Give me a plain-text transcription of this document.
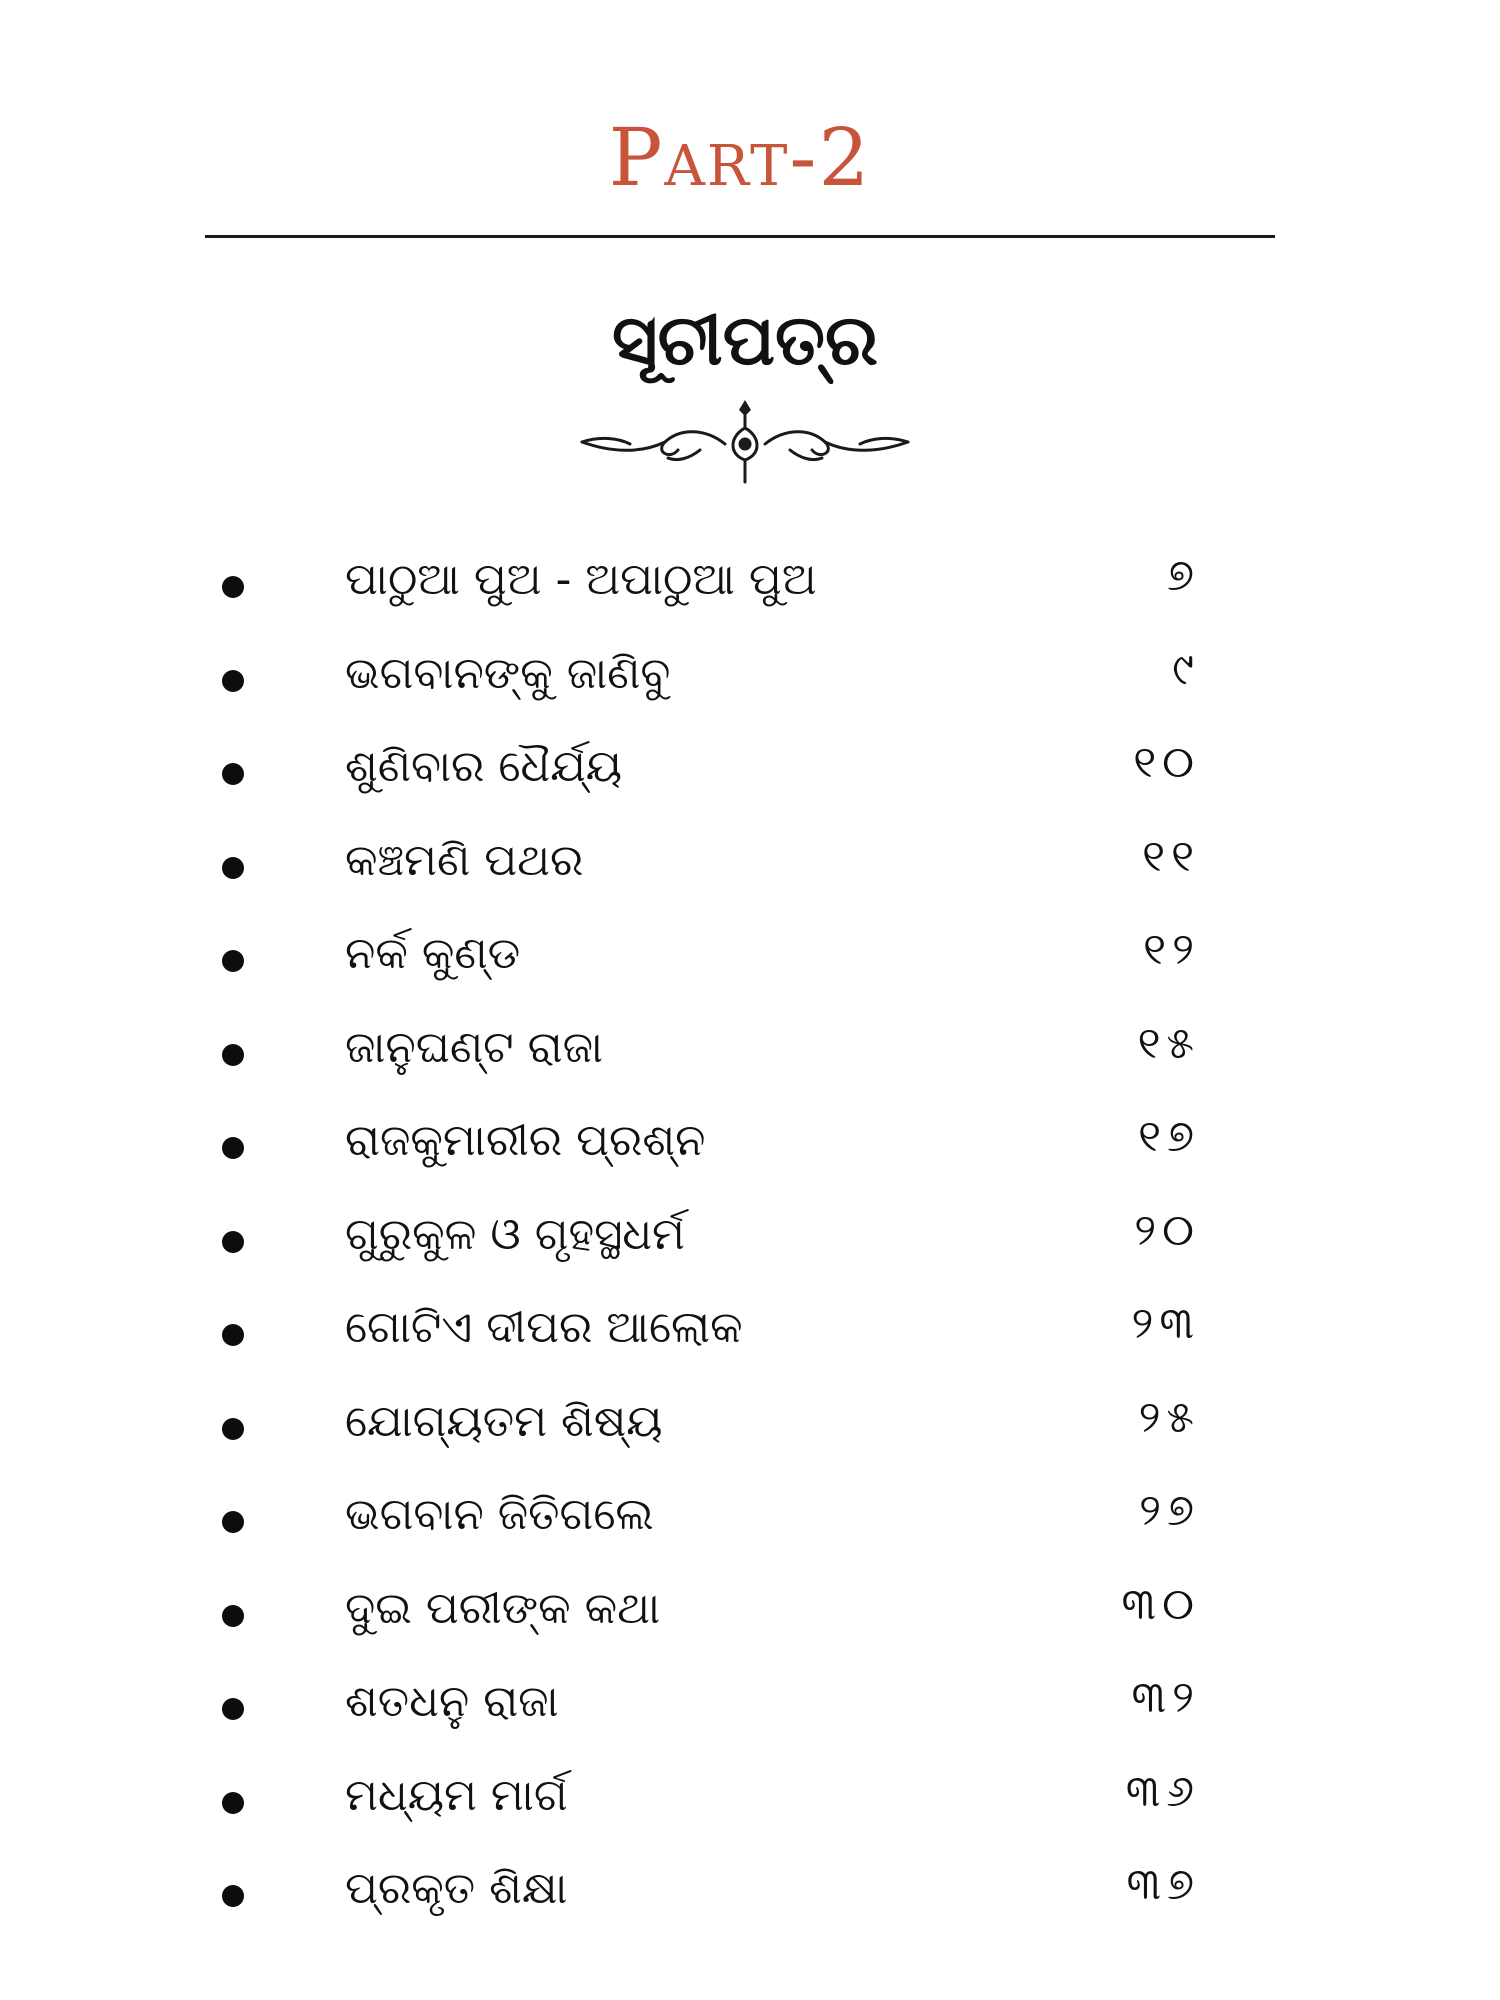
Part-2
ସୂଚୀପତ୍ର
ପାଠୁଆ ପୁଅ - ଅପାଠୁଆ ପୁଅ	୭
ଭଗବାନଙ୍କୁ ଜାଣିବୁ	୯
ଶୁଣିବାର ଧୈର୍ଯ୍ୟ	୧୦
କଞ୍ଚମଣି ପଥର	୧୧
ନର୍କ କୁଣ୍ଡ	୧୨
ଜାନୁଘଣ୍ଟ ରାଜା	୧୫
ରାଜକୁମାରୀର ପ୍ରଶ୍ନ	୧୭
ଗୁରୁକୁଳ ଓ ଗୃହସ୍ଥଧର୍ମ	୨୦
ଗୋଟିଏ ଦୀପର ଆଲୋକ	୨୩
ଯୋଗ୍ୟତମ ଶିଷ୍ୟ	୨୫
ଭଗବାନ ଜିତିଗଲେ	୨୭
ଦୁଇ ପରୀଙ୍କ କଥା	୩୦
ଶତଧନୁ ରାଜା	୩୨
ମଧ୍ୟମ ମାର୍ଗ	୩୬
ପ୍ରକୃତ ଶିକ୍ଷା	୩୭
